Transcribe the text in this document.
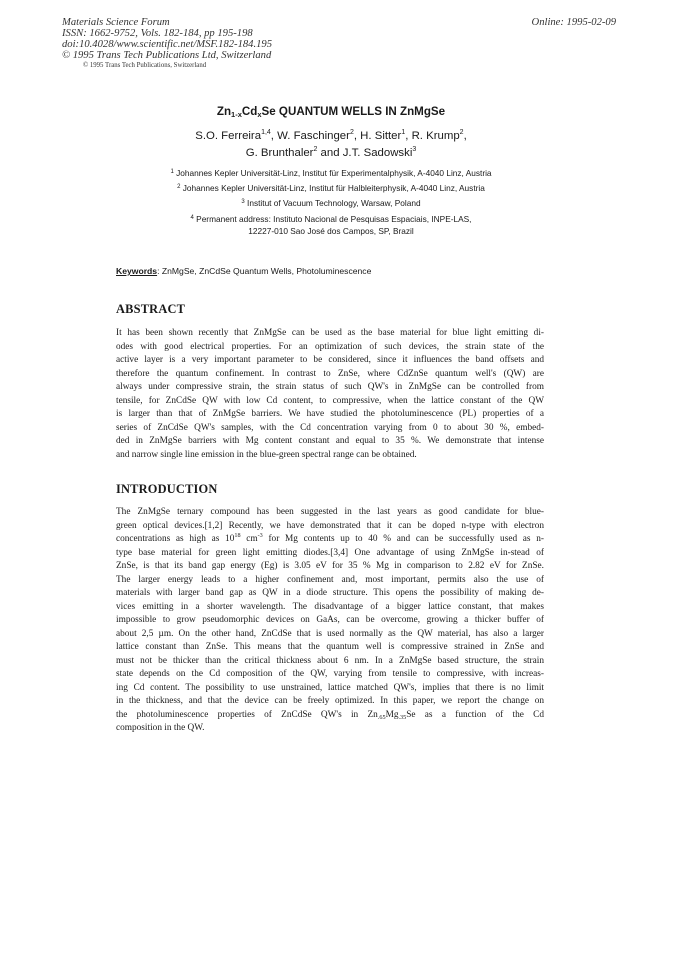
Materials Science Forum
ISSN: 1662-9752, Vols. 182-184, pp 195-198
doi:10.4028/www.scientific.net/MSF.182-184.195
© 1995 Trans Tech Publications Ltd, Switzerland
© 1995 Trans Tech Publications, Switzerland
Online: 1995-02-09
$Zn_{1-x}Cd_xSe$ QUANTUM WELLS IN ZnMgSe
S.O. Ferreira$^{1,4}$, W. Faschinger$^2$, H. Sitter$^1$, R. Krump$^2$,
G. Brunthaler$^2$ and J.T. Sadowski$^3$
$^1$ Johannes Kepler Universität-Linz, Institut für Experimentalphysik, A-4040 Linz, Austria
$^2$ Johannes Kepler Universität-Linz, Institut für Halbleiterphysik, A-4040 Linz, Austria
$^3$ Institut of Vacuum Technology, Warsaw, Poland
$^4$ Permanent address: Instituto Nacional de Pesquisas Espaciais, INPE-LAS,
12227-010 Sao José dos Campos, SP, Brazil
Keywords: ZnMgSe, ZnCdSe Quantum Wells, Photoluminescence
ABSTRACT
It has been shown recently that ZnMgSe can be used as the base material for blue light emitting di-
odes with good electrical properties. For an optimization of such devices, the strain state of the
active layer is a very important parameter to be considered, since it influences the band offsets and
therefore the quantum confinement. In contrast to ZnSe, where CdZnSe quantum well's (QW) are
always under compressive strain, the strain status of such QW's in ZnMgSe can be controlled from
tensile, for ZnCdSe QW with low Cd content, to compressive, when the lattice constant of the QW
is larger than that of ZnMgSe barriers. We have studied the photoluminescence (PL) properties of a
series of ZnCdSe QW's samples, with the Cd concentration varying from 0 to about 30 %, embed-
ded in ZnMgSe barriers with Mg content constant and equal to 35 %. We demonstrate that intense
and narrow single line emission in the blue-green spectral range can be obtained.
INTRODUCTION
The ZnMgSe ternary compound has been suggested in the last years as good candidate for blue-
green optical devices.[1,2] Recently, we have demonstrated that it can be doped n-type with electron
concentrations as high as $10^{18}$ $cm^{-3}$ for Mg contents up to 40 % and can be successfully used as n-
type base material for green light emitting diodes.[3,4] One advantage of using ZnMgSe in-stead of
ZnSe, is that its band gap energy (Eg) is 3.05 eV for 35 % Mg in comparison to 2.82 eV for ZnSe.
The larger energy leads to a higher confinement and, most important, permits also the use of
materials with larger band gap as QW in a diode structure. This opens the possibility of making de-
vices emitting in a shorter wavelength. The disadvantage of a bigger lattice constant, that makes
impossible to grow pseudomorphic devices on GaAs, can be overcome, growing a thicker buffer of
about 2,5 µm. On the other hand, ZnCdSe that is used normally as the QW material, has also a larger
lattice constant than ZnSe. This means that the quantum well is compressive strained in ZnSe and
must not be thicker than the critical thickness about 6 nm. In a ZnMgSe based structure, the strain
state depends on the Cd composition of the QW, varying from tensile to compressive, with increas-
ing Cd content. The possibility to use unstrained, lattice matched QW's, implies that there is no limit
in the thickness, and that the device can be freely optimized. In this paper, we report the change on
the photoluminescence properties of ZnCdSe QW's in $Zn_{.65}Mg_{.35}Se$ as a function of the Cd
composition in the QW.
